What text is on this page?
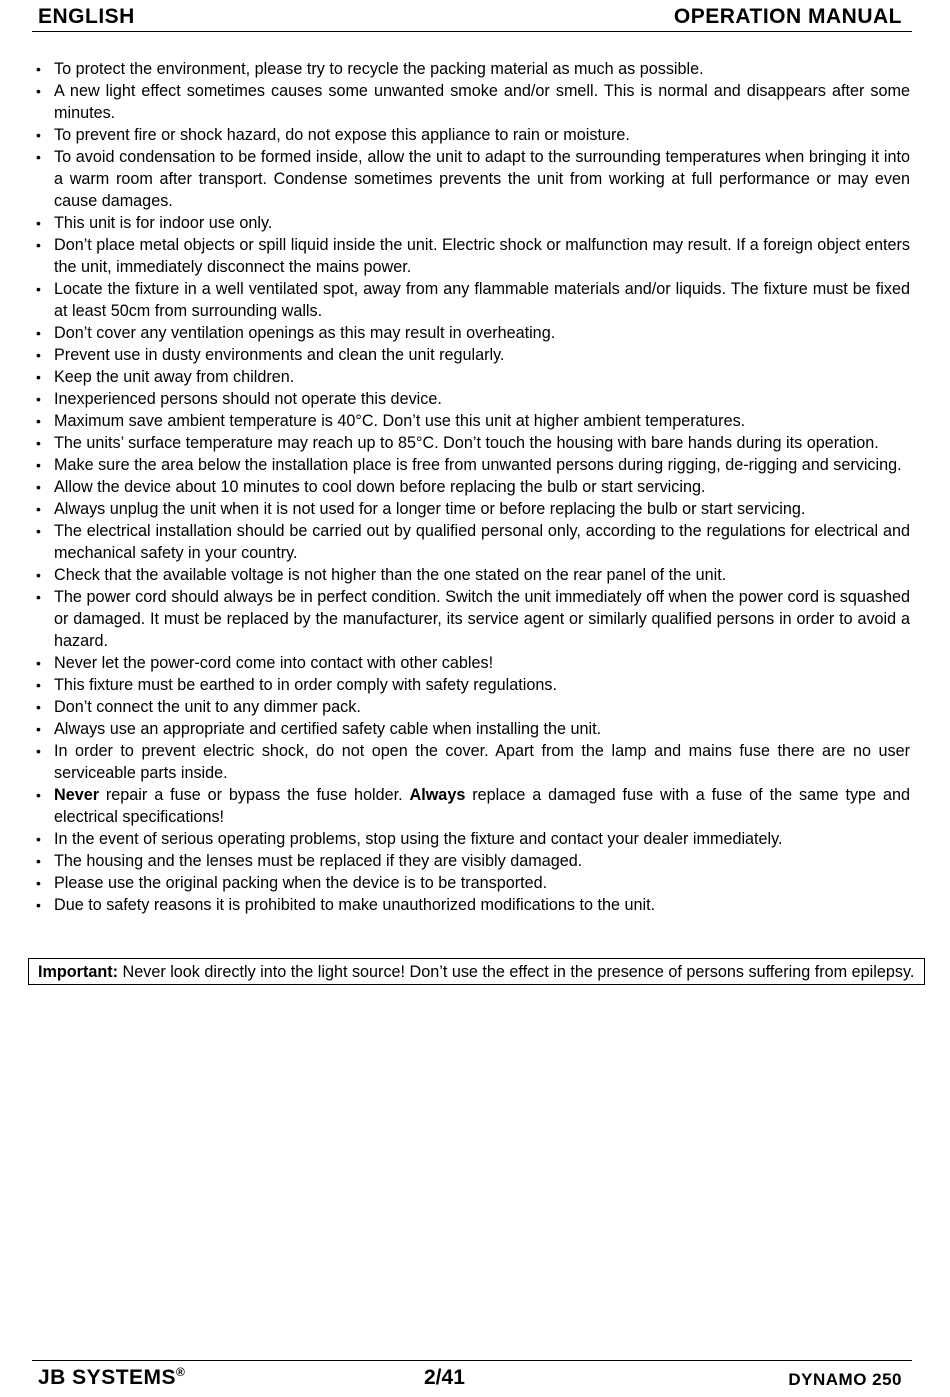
ENGLISH	OPERATION MANUAL
• To protect the environment, please try to recycle the packing material as much as possible.
• A new light effect sometimes causes some unwanted smoke and/or smell. This is normal and disappears after some minutes.
• To prevent fire or shock hazard, do not expose this appliance to rain or moisture.
• To avoid condensation to be formed inside, allow the unit to adapt to the surrounding temperatures when bringing it into a warm room after transport. Condense sometimes prevents the unit from working at full performance or may even cause damages.
• This unit is for indoor use only.
• Don’t place metal objects or spill liquid inside the unit. Electric shock or malfunction may result. If a foreign object enters the unit, immediately disconnect the mains power.
• Locate the fixture in a well ventilated spot, away from any flammable materials and/or liquids. The fixture must be fixed at least 50cm from surrounding walls.
• Don’t cover any ventilation openings as this may result in overheating.
• Prevent use in dusty environments and clean the unit regularly.
• Keep the unit away from children.
• Inexperienced persons should not operate this device.
• Maximum save ambient temperature is 40°C. Don’t use this unit at higher ambient temperatures.
• The units’ surface temperature may reach up to 85°C. Don’t touch the housing with bare hands during its operation.
• Make sure the area below the installation place is free from unwanted persons during rigging, de-rigging and servicing.
• Allow the device about 10 minutes to cool down before replacing the bulb or start servicing.
• Always unplug the unit when it is not used for a longer time or before replacing the bulb or start servicing.
• The electrical installation should be carried out by qualified personal only, according to the regulations for electrical and mechanical safety in your country.
• Check that the available voltage is not higher than the one stated on the rear panel of the unit.
• The power cord should always be in perfect condition. Switch the unit immediately off when the power cord is squashed or damaged. It must be replaced by the manufacturer, its service agent or similarly qualified persons in order to avoid a hazard.
• Never let the power-cord come into contact with other cables!
• This fixture must be earthed to in order comply with safety regulations.
• Don’t connect the unit to any dimmer pack.
• Always use an appropriate and certified safety cable when installing the unit.
• In order to prevent electric shock, do not open the cover. Apart from the lamp and mains fuse there are no user serviceable parts inside.
• Never repair a fuse or bypass the fuse holder. Always replace a damaged fuse with a fuse of the same type and electrical specifications!
• In the event of serious operating problems, stop using the fixture and contact your dealer immediately.
• The housing and the lenses must be replaced if they are visibly damaged.
• Please use the original packing when the device is to be transported.
• Due to safety reasons it is prohibited to make unauthorized modifications to the unit.
Important: Never look directly into the light source! Don’t use the effect in the presence of persons suffering from epilepsy.
JB SYSTEMS®	2/41	DYNAMO 250
